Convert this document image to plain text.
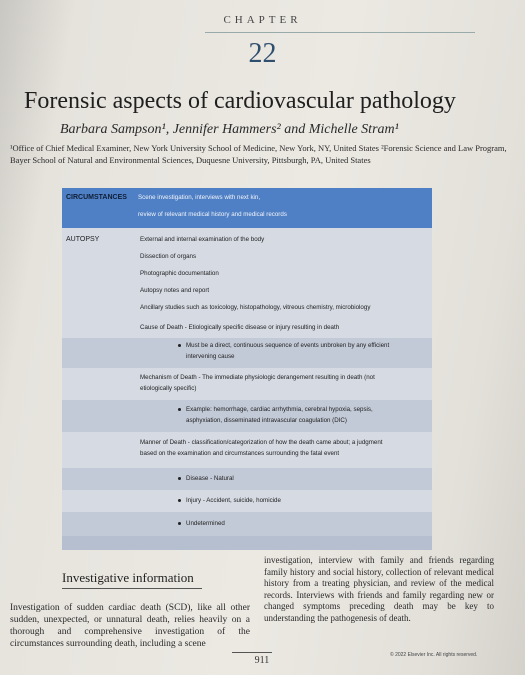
CHAPTER
22
Forensic aspects of cardiovascular pathology
Barbara Sampson¹, Jennifer Hammers² and Michelle Stram¹
¹Office of Chief Medical Examiner, New York University School of Medicine, New York, NY, United States ²Forensic Science and Law Program, Bayer School of Natural and Environmental Sciences, Duquesne University, Pittsburgh, PA, United States
CIRCUMSTANCES Scene investigation, interviews with next kin,
review of relevant medical history and medical records
AUTOPSY	External and internal examination of the body
Dissection of organs
Photographic documentation
Autopsy notes and report
Ancillary studies such as toxicology, histopathology, vitreous chemistry, microbiology
Cause of Death - Etiologically specific disease or injury resulting in death
Must be a direct, continuous sequence of events unbroken by any efficient
intervening cause
Mechanism of Death - The immediate physiologic derangement resulting in death (not
etiologically specific)
Example: hemorrhage, cardiac arrhythmia, cerebral hypoxia, sepsis,
asphyxiation, disseminated intravascular coagulation (DIC)
Manner of Death - classification/categorization of how the death came about; a judgment
based on the examination and circumstances surrounding the fatal event
Disease - Natural
Injury - Accident, suicide, homicide
Undetermined
Investigative information
Investigation of sudden cardiac death (SCD), like all other sudden, unexpected, or unnatural death, relies heavily on a thorough and comprehensive investigation of the circumstances surrounding death, including a scene
investigation, interview with family and friends regarding family history and social history, collection of relevant medical history from a treating physician, and review of the medical records. Interviews with friends and family regarding new or changed symptoms preceding death may be key to understanding the pathogenesis of death.
911	© 2022 Elsevier Inc. All rights reserved.
